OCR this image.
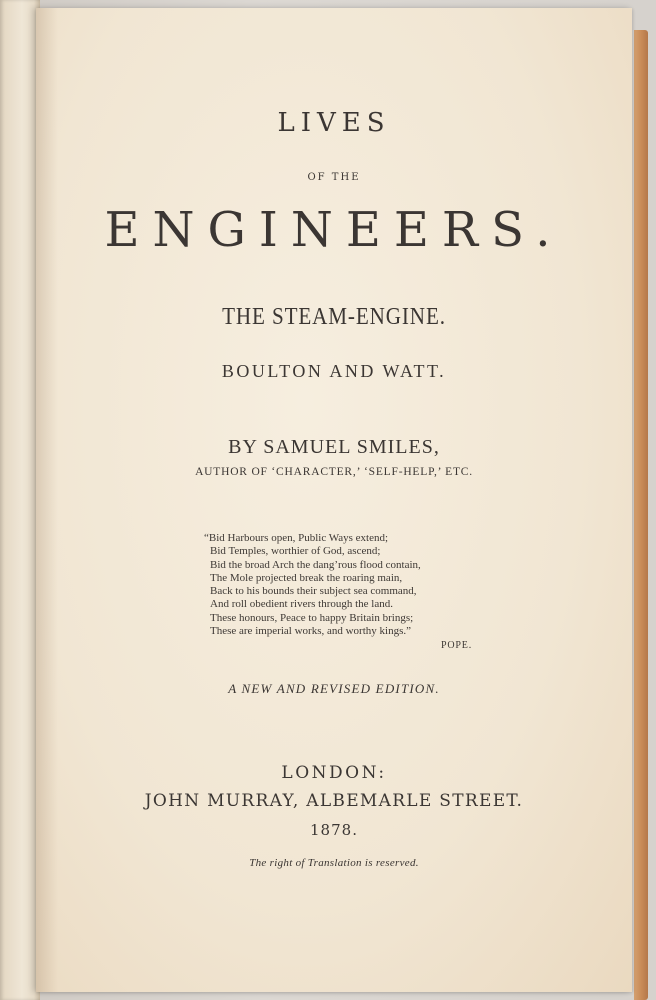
LIVES

OF THE

ENGINEERS.

THE STEAM-ENGINE.

BOULTON AND WATT.

BY SAMUEL SMILES,

AUTHOR OF ‘CHARACTER,’ ‘SELF-HELP,’ ETC.

“Bid Harbours open, Public Ways extend;
Bid Temples, worthier of God, ascend;
Bid the broad Arch the dang’rous flood contain,
The Mole projected break the roaring main,
Back to his bounds their subject sea command,
And roll obedient rivers through the land.
These honours, Peace to happy Britain brings;
These are imperial works, and worthy kings.”
POPE.

A NEW AND REVISED EDITION.

LONDON:

JOHN MURRAY, ALBEMARLE STREET.

1878.

The right of Translation is reserved.
